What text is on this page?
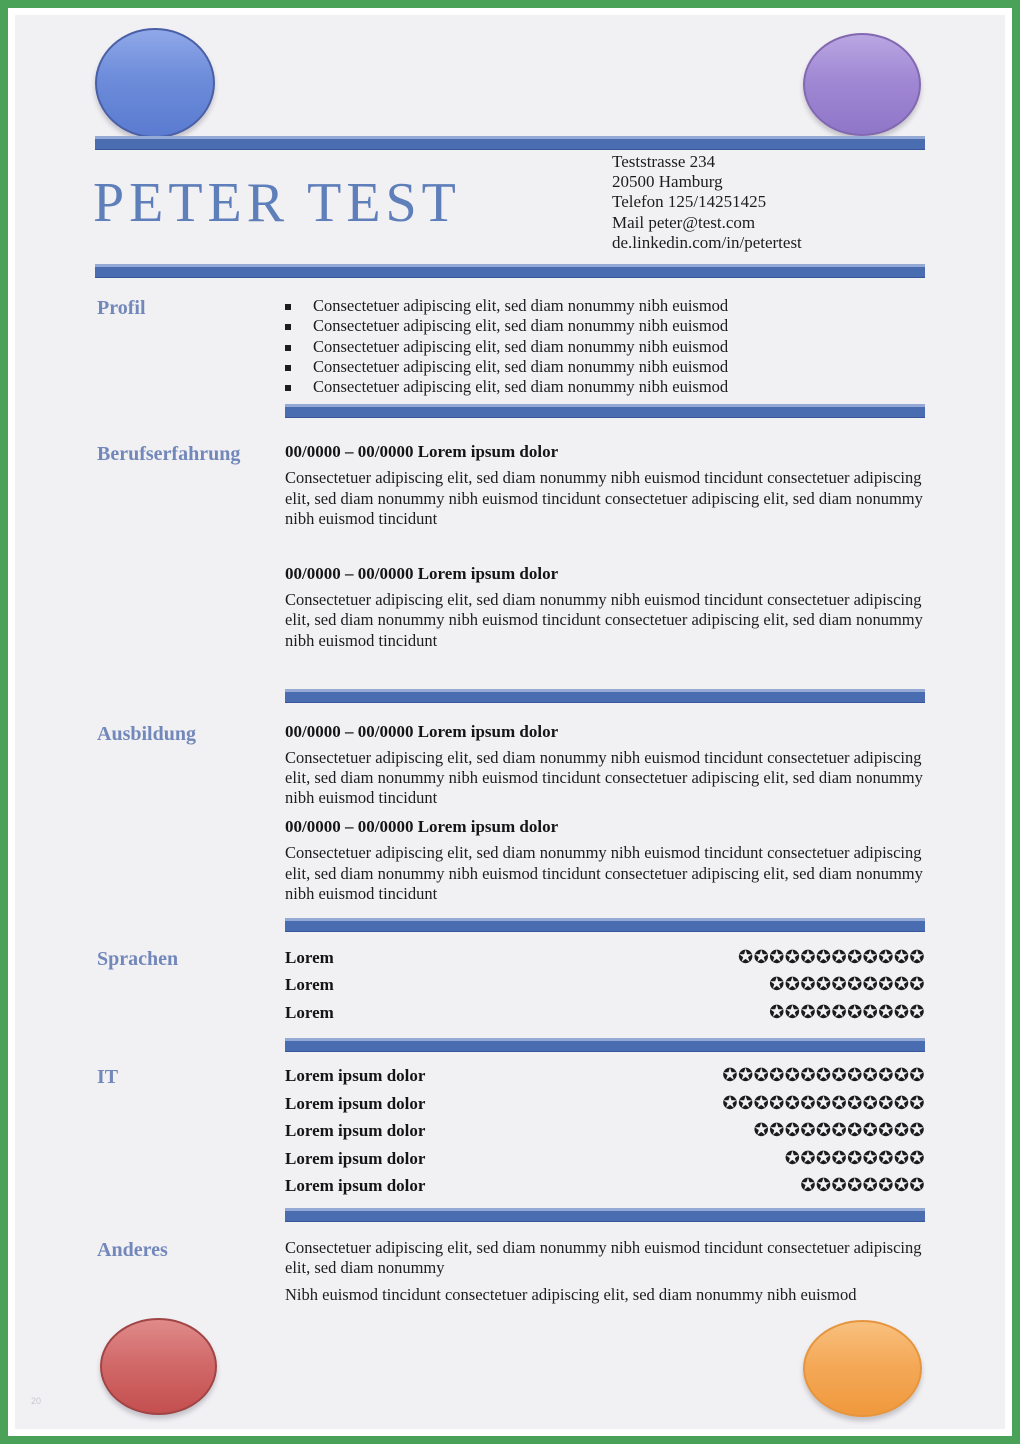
PETER TEST
Teststrasse 234
20500 Hamburg
Telefon 125/14251425
Mail peter@test.com
de.linkedin.com/in/petertest
Profil	Consectetuer adipiscing elit, sed diam nonummy nibh euismod
Consectetuer adipiscing elit, sed diam nonummy nibh euismod
Consectetuer adipiscing elit, sed diam nonummy nibh euismod
Consectetuer adipiscing elit, sed diam nonummy nibh euismod
Consectetuer adipiscing elit, sed diam nonummy nibh euismod
Berufserfahrung	00/0000 – 00/0000 Lorem ipsum dolor

Consectetuer adipiscing elit, sed diam nonummy nibh euismod tincidunt consectetuer adipiscing elit, sed diam nonummy nibh euismod tincidunt consectetuer adipiscing elit, sed diam nonummy nibh euismod tincidunt

00/0000 – 00/0000 Lorem ipsum dolor

Consectetuer adipiscing elit, sed diam nonummy nibh euismod tincidunt consectetuer adipiscing elit, sed diam nonummy nibh euismod tincidunt consectetuer adipiscing elit, sed diam nonummy nibh euismod tincidunt

Ausbildung	00/0000 – 00/0000 Lorem ipsum dolor

Consectetuer adipiscing elit, sed diam nonummy nibh euismod tincidunt consectetuer adipiscing elit, sed diam nonummy nibh euismod tincidunt consectetuer adipiscing elit, sed diam nonummy nibh euismod tincidunt

00/0000 – 00/0000 Lorem ipsum dolor

Consectetuer adipiscing elit, sed diam nonummy nibh euismod tincidunt consectetuer adipiscing elit, sed diam nonummy nibh euismod tincidunt consectetuer adipiscing elit, sed diam nonummy nibh euismod tincidunt

Sprachen	Lorem	✪✪✪✪✪✪✪✪✪✪✪✪
Lorem	✪✪✪✪✪✪✪✪✪✪
Lorem	✪✪✪✪✪✪✪✪✪✪
IT	Lorem ipsum dolor	✪✪✪✪✪✪✪✪✪✪✪✪✪
Lorem ipsum dolor	✪✪✪✪✪✪✪✪✪✪✪✪✪
Lorem ipsum dolor	✪✪✪✪✪✪✪✪✪✪✪
Lorem ipsum dolor	✪✪✪✪✪✪✪✪✪
Lorem ipsum dolor	✪✪✪✪✪✪✪✪
Anderes	Consectetuer adipiscing elit, sed diam nonummy nibh euismod tincidunt consectetuer adipiscing elit, sed diam nonummy

Nibh euismod tincidunt consectetuer adipiscing elit, sed diam nonummy nibh euismod

20
